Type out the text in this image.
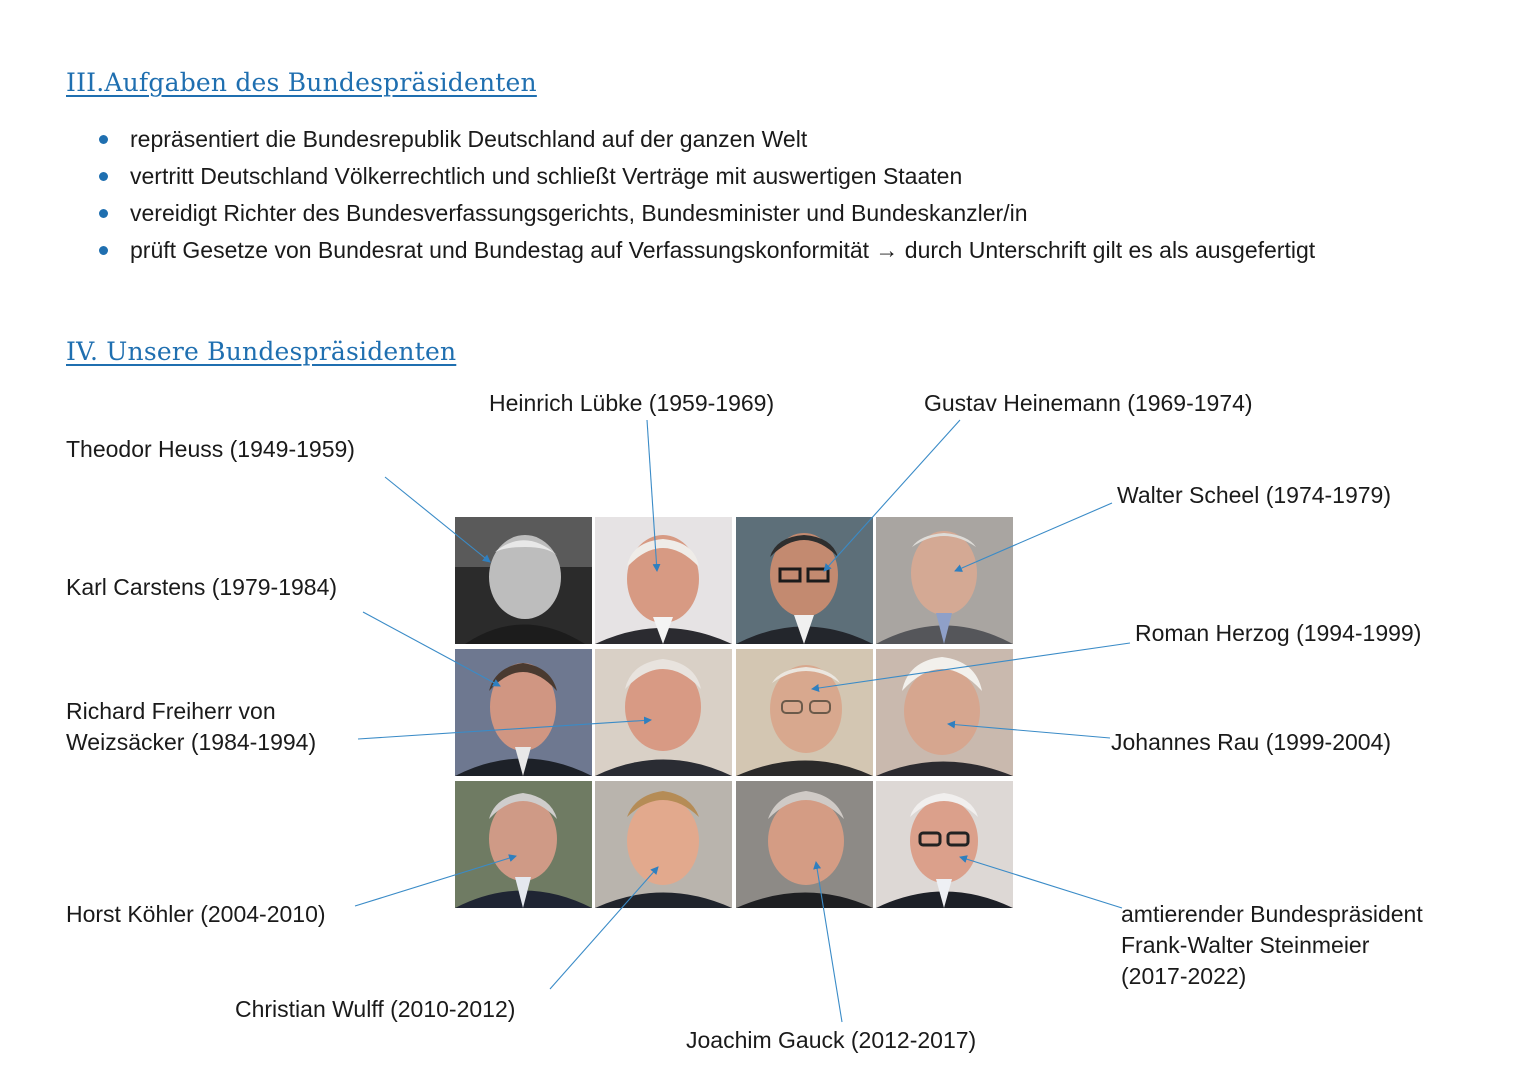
III.Aufgaben des Bundespräsidenten
repräsentiert die Bundesrepublik Deutschland auf der ganzen Welt
vertritt Deutschland Völkerrechtlich und schließt Verträge mit auswertigen Staaten
vereidigt Richter des Bundesverfassungsgerichts, Bundesminister und Bundeskanzler/in
prüft Gesetze von Bundesrat und Bundestag auf Verfassungskonformität → durch Unterschrift gilt es als ausgefertigt
IV. Unsere Bundespräsidenten
Theodor Heuss (1949-1959)
Heinrich Lübke (1959-1969)	Gustav Heinemann (1969-1974)
Walter Scheel (1974-1979)
Karl Carstens (1979-1984)
Richard Freiherr von
Weizsäcker (1984-1994)
Roman Herzog (1994-1999)
Johannes Rau (1999-2004)
Horst Köhler (2004-2010)
Christian Wulff (2010-2012)
Joachim Gauck (2012-2017)
amtierender Bundespräsident
Frank-Walter Steinmeier
(2017-2022)
